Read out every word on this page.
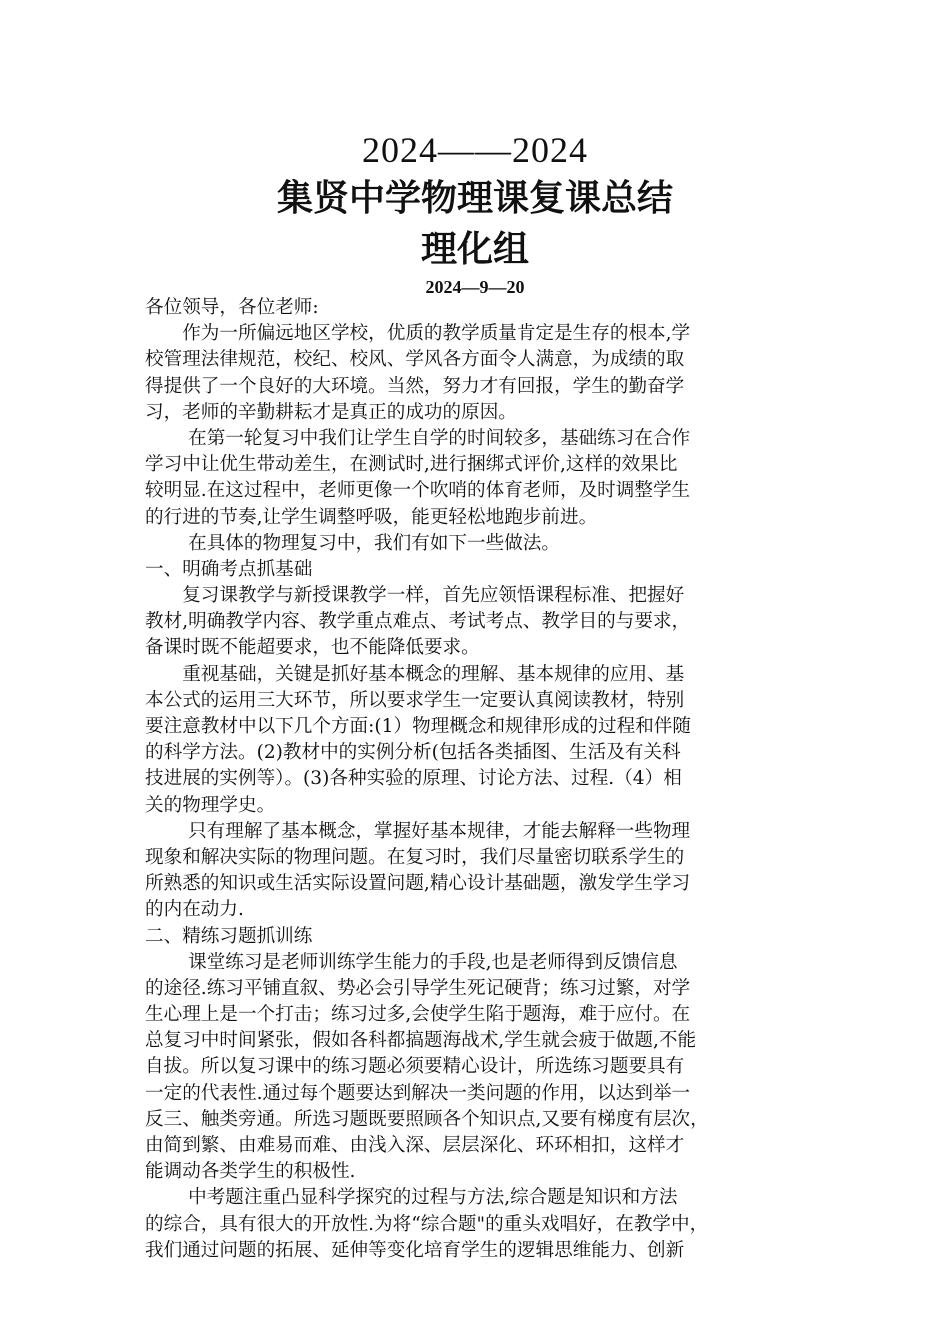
2024——2024
集贤中学物理课复课总结
理化组
2024—9—20
各位领导，各位老师:
　　作为一所偏远地区学校，优质的教学质量肯定是生存的根本,学
校管理法律规范，校纪、校风、学风各方面令人满意，为成绩的取
得提供了一个良好的大环境。当然，努力才有回报，学生的勤奋学
习，老师的辛勤耕耘才是真正的成功的原因。
　　 在第一轮复习中我们让学生自学的时间较多，基础练习在合作
学习中让优生带动差生，在测试时,进行捆绑式评价,这样的效果比
较明显.在这过程中，老师更像一个吹哨的体育老师，及时调整学生
的行进的节奏,让学生调整呼吸，能更轻松地跑步前进。
　　 在具体的物理复习中，我们有如下一些做法。
一、明确考点抓基础
　　复习课教学与新授课教学一样，首先应领悟课程标准、把握好
教材,明确教学内容、教学重点难点、考试考点、教学目的与要求，
备课时既不能超要求，也不能降低要求。
　　重视基础，关键是抓好基本概念的理解、基本规律的应用、基
本公式的运用三大环节，所以要求学生一定要认真阅读教材，特别
要注意教材中以下几个方面:(1）物理概念和规律形成的过程和伴随
的科学方法。(2)教材中的实例分析(包括各类插图、生活及有关科
技进展的实例等）。(3)各种实验的原理、讨论方法、过程.（4）相
关的物理学史。
　　 只有理解了基本概念，掌握好基本规律，才能去解释一些物理
现象和解决实际的物理问题。在复习时，我们尽量密切联系学生的
所熟悉的知识或生活实际设置问题,精心设计基础题，激发学生学习
的内在动力.
二、精练习题抓训练
　　 课堂练习是老师训练学生能力的手段,也是老师得到反馈信息
的途径.练习平铺直叙、势必会引导学生死记硬背；练习过繁，对学
生心理上是一个打击；练习过多,会使学生陷于题海，难于应付。在
总复习中时间紧张，假如各科都搞题海战术,学生就会疲于做题,不能
自拔。所以复习课中的练习题必须要精心设计，所选练习题要具有
一定的代表性.通过每个题要达到解决一类问题的作用，以达到举一
反三、触类旁通。所选习题既要照顾各个知识点,又要有梯度有层次，
由简到繁、由难易而难、由浅入深、层层深化、环环相扣，这样才
能调动各类学生的积极性.
　　 中考题注重凸显科学探究的过程与方法,综合题是知识和方法
的综合，具有很大的开放性.为将“综合题"的重头戏唱好，在教学中，
我们通过问题的拓展、延伸等变化培育学生的逻辑思维能力、创新
